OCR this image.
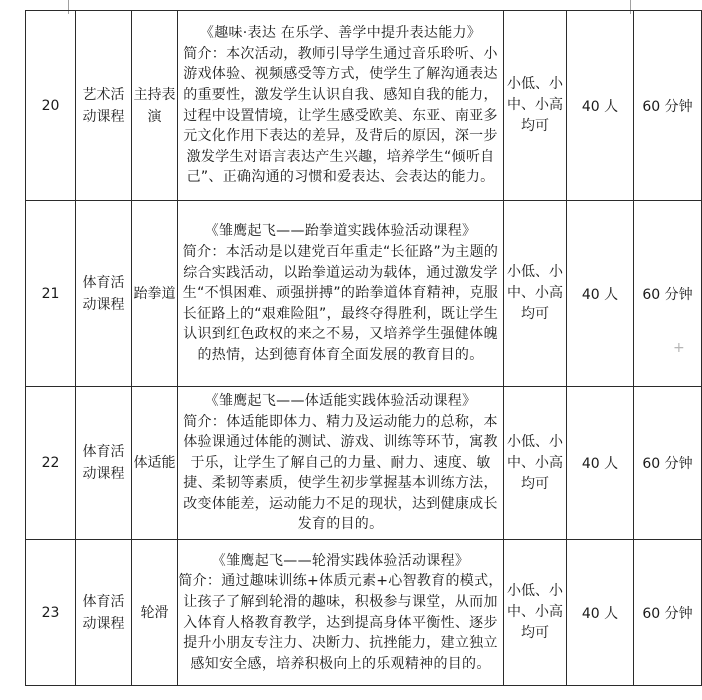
+
20	艺术活动课程	主持表演	《趣味·表达 在乐学、善学中提升表达能力》
简介：本次活动，教师引导学生通过音乐聆听、小游戏体验、视频感受等方式，使学生了解沟通表达的重要性，激发学生认识自我、感知自我的能力，过程中设置情境，让学生感受欧美、东亚、南亚多元文化作用下表达的差异，及背后的原因，深一步激发学生对语言表达产生兴趣，培养学生“倾听自己”、正确沟通的习惯和爱表达、会表达的能力。	小低、小中、小高均可	40 人	60 分钟
21	体育活动课程	跆拳道	《雏鹰起飞——跆拳道实践体验活动课程》
简介：本活动是以建党百年重走“长征路”为主题的综合实践活动，以跆拳道运动为载体，通过激发学生“不惧困难、顽强拼搏”的跆拳道体育精神，克服长征路上的“艰难险阻”，最终夺得胜利，既让学生认识到红色政权的来之不易，又培养学生强健体魄的热情，达到德育体育全面发展的教育目的。	小低、小中、小高均可	40 人	60 分钟
22	体育活动课程	体适能	《雏鹰起飞——体适能实践体验活动课程》
简介：体适能即体力、精力及运动能力的总称，本体验课通过体能的测试、游戏、训练等环节，寓教于乐，让学生了解自己的力量、耐力、速度、敏捷、柔韧等素质，使学生初步掌握基本训练方法，改变体能差，运动能力不足的现状，达到健康成长发育的目的。	小低、小中、小高均可	40 人	60 分钟
23	体育活动课程	轮滑	《雏鹰起飞——轮滑实践体验活动课程》
简介：通过趣味训练+体质元素+心智教育的模式，让孩子了解到轮滑的趣味，积极参与课堂，从而加入体育人格教育教学，达到提高身体平衡性、逐步提升小朋友专注力、决断力、抗挫能力，建立独立感知安全感，培养积极向上的乐观精神的目的。	小低、小中、小高均可	40 人	60 分钟
